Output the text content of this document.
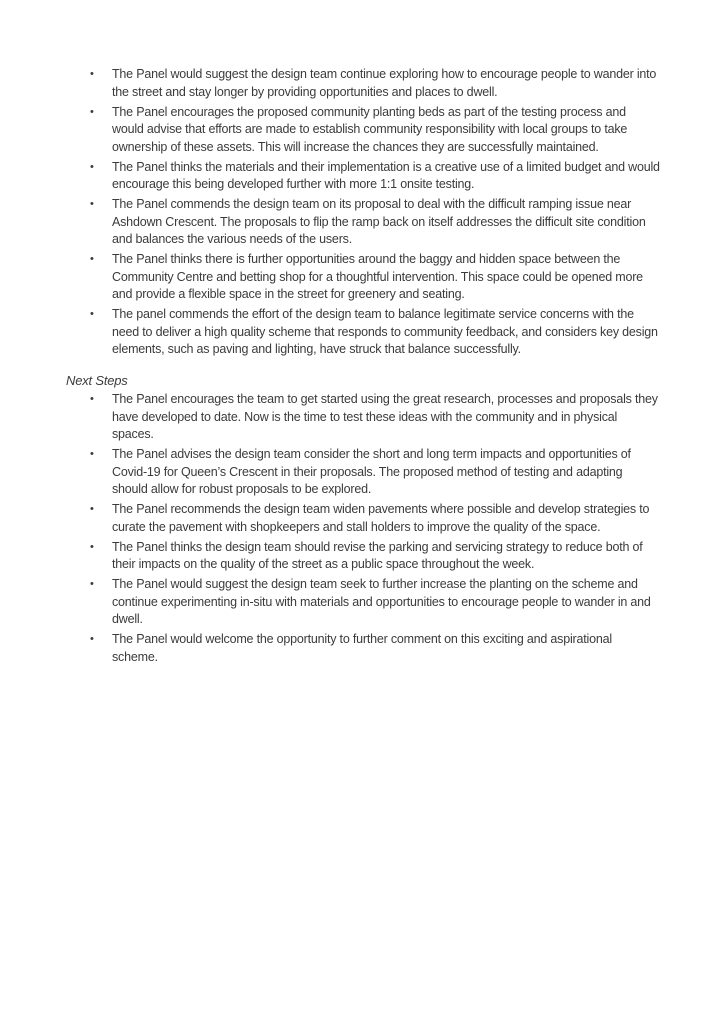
•	The Panel would suggest the design team continue exploring how to encourage people to wander into the street and stay longer by providing opportunities and places to dwell.
•	The Panel encourages the proposed community planting beds as part of the testing process and would advise that efforts are made to establish community responsibility with local groups to take ownership of these assets. This will increase the chances they are successfully maintained.
•	The Panel thinks the materials and their implementation is a creative use of a limited budget and would encourage this being developed further with more 1:1 onsite testing.
•	The Panel commends the design team on its proposal to deal with the difficult ramping issue near Ashdown Crescent. The proposals to flip the ramp back on itself addresses the difficult site condition and balances the various needs of the users.
•	The Panel thinks there is further opportunities around the baggy and hidden space between the Community Centre and betting shop for a thoughtful intervention. This space could be opened more and provide a flexible space in the street for greenery and seating.
•	The panel commends the effort of the design team to balance legitimate service concerns with the need to deliver a high quality scheme that responds to community feedback, and considers key design elements, such as paving and lighting, have struck that balance successfully.
Next Steps
•	The Panel encourages the team to get started using the great research, processes and proposals they have developed to date. Now is the time to test these ideas with the community and in physical spaces.
•	The Panel advises the design team consider the short and long term impacts and opportunities of Covid-19 for Queen’s Crescent in their proposals. The proposed method of testing and adapting should allow for robust proposals to be explored.
•	The Panel recommends the design team widen pavements where possible and develop strategies to curate the pavement with shopkeepers and stall holders to improve the quality of the space.
•	The Panel thinks the design team should revise the parking and servicing strategy to reduce both of their impacts on the quality of the street as a public space throughout the week.
•	The Panel would suggest the design team seek to further increase the planting on the scheme and continue experimenting in-situ with materials and opportunities to encourage people to wander in and dwell.
•	The Panel would welcome the opportunity to further comment on this exciting and aspirational scheme.
